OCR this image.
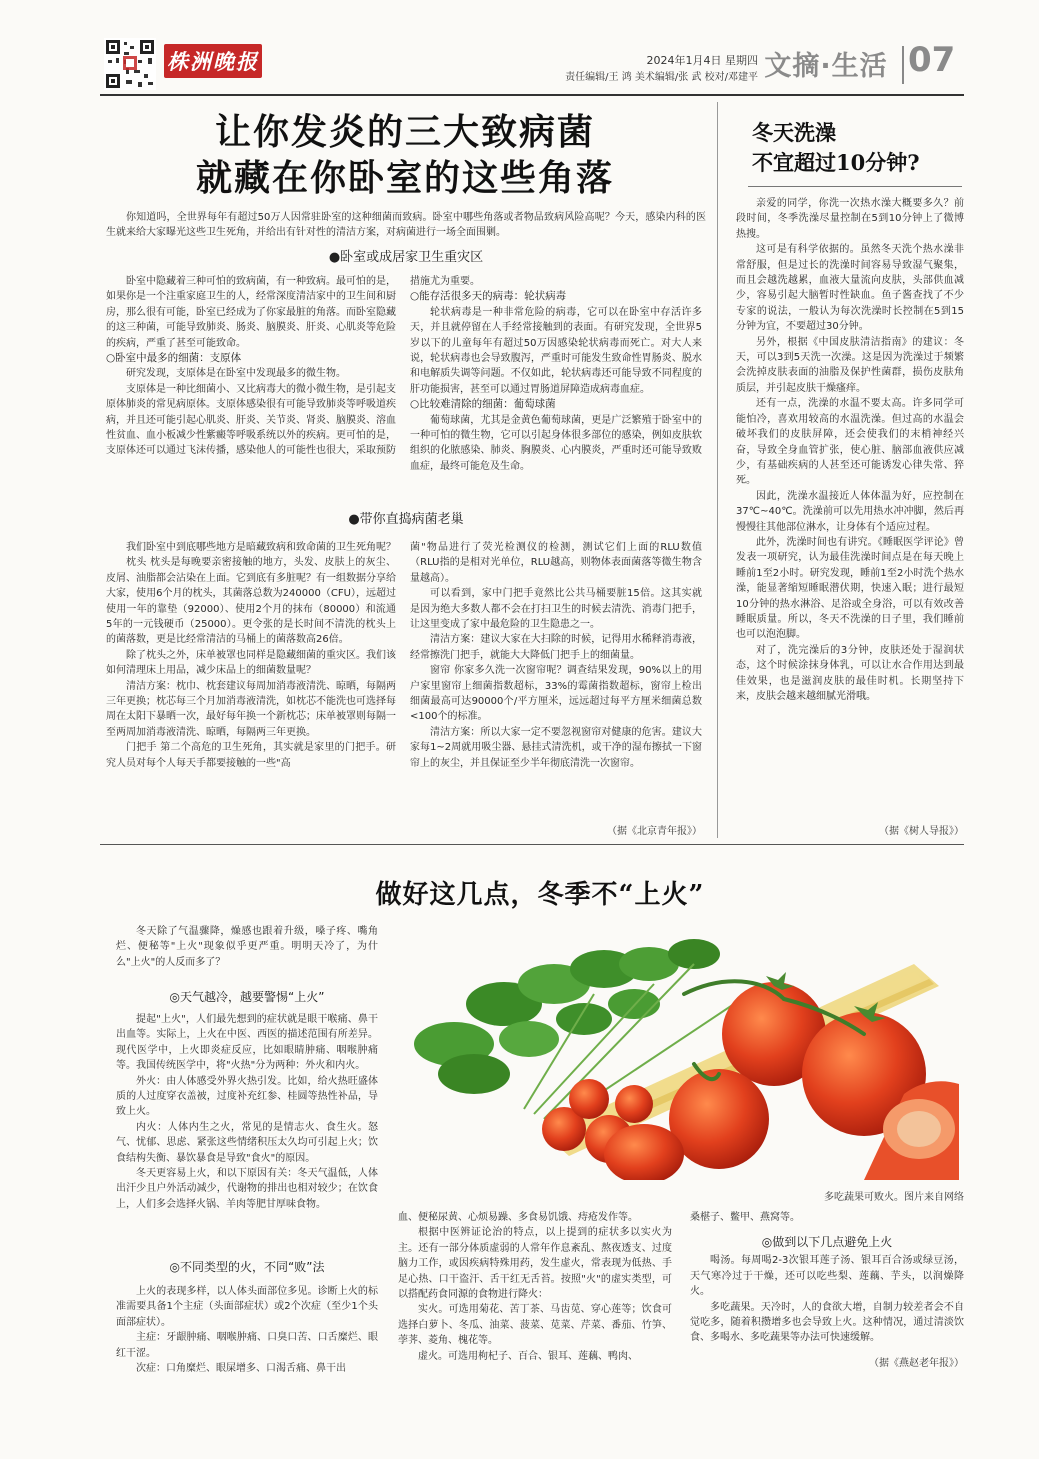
株洲晚报	2024年1月4日 星期四
责任编辑/王 鸿 美术编辑/张 武 校对/邓建平 文摘·生活 07
让你发炎的三大致病菌
就藏在你卧室的这些角落

你知道吗，全世界每年有超过50万人因常驻卧室的这种细菌而致病。卧室中哪些角落或者物品致病风险高呢？今天，感染内科的医生就来给大家曝光这些卫生死角，并给出有针对性的清洁方案，对病菌进行一场全面围剿。

●卧室或成居家卫生重灾区

卧室中隐藏着三种可怕的致病菌，有一种致病。最可怕的是，如果你是一个注重家庭卫生的人，经常深度清洁家中的卫生间和厨房，那么很有可能，卧室已经成为了你家最脏的角落。而卧室隐藏的这三种菌，可能导致肺炎、肠炎、脑膜炎、肝炎、心肌炎等危险的疾病，严重了甚至可能致命。

○卧室中最多的细菌：支原体

研究发现，支原体是在卧室中发现最多的微生物。

支原体是一种比细菌小、又比病毒大的微小微生物，是引起支原体肺炎的常见病原体。支原体感染很有可能导致肺炎等呼吸道疾病，并且还可能引起心肌炎、肝炎、关节炎、肾炎、脑膜炎、溶血性贫血、血小板减少性紫癜等呼吸系统以外的疾病。更可怕的是，支原体还可以通过飞沫传播，感染他人的可能性也很大，采取预防

措施尤为重要。

○能存活很多天的病毒：轮状病毒

轮状病毒是一种非常危险的病毒，它可以在卧室中存活许多天，并且就停留在人手经常接触到的表面。有研究发现，全世界5岁以下的儿童每年有超过50万因感染轮状病毒而死亡。对大人来说，轮状病毒也会导致腹泻，严重时可能发生致命性胃肠炎、脱水和电解质失调等问题。不仅如此，轮状病毒还可能导致不同程度的肝功能损害，甚至可以通过胃肠道屏障造成病毒血症。

○比较难清除的细菌：葡萄球菌

葡萄球菌，尤其是金黄色葡萄球菌，更是广泛繁殖于卧室中的一种可怕的微生物，它可以引起身体很多部位的感染，例如皮肤软组织的化脓感染、肺炎、胸膜炎、心内膜炎，严重时还可能导致败血症，最终可能危及生命。

●带你直捣病菌老巢

我们卧室中到底哪些地方是暗藏致病和致命菌的卫生死角呢？

枕头 枕头是每晚要亲密接触的地方，头发、皮肤上的灰尘、皮屑、油脂都会沾染在上面。它到底有多脏呢？有一组数据分享给大家，使用6个月的枕头，其菌落总数为240000（CFU），远超过使用一年的靠垫（92000）、使用2个月的抹布（80000）和流通5年的一元钱硬币（25000）。更令张的是长时间不清洗的枕头上的菌落数，更是比经常清洁的马桶上的菌落数高26倍。

除了枕头之外，床单被罩也同样是隐藏细菌的重灾区。我们该如何清理床上用品，减少床品上的细菌数量呢？

清洁方案：枕巾、枕套建议每周加消毒液清洗、晾晒，每隔两三年更换；枕芯每三个月加消毒液清洗，如枕芯不能洗也可选择每周在太阳下暴晒一次，最好每年换一个新枕芯；床单被罩则每隔一至两周加消毒液清洗、晾晒，每隔两三年更换。

门把手 第二个高危的卫生死角，其实就是家里的门把手。研究人员对每个人每天手都要接触的一些"高

菌"物品进行了荧光检测仪的检测，测试它们上面的RLU数值（RLU指的是相对光单位，RLU越高，则物体表面菌落等微生物含量越高）。

可以看到，家中门把手竟然比公共马桶要脏15倍。这其实就是因为绝大多数人都不会在打扫卫生的时候去清洗、消毒门把手，让这里变成了家中最危险的卫生隐患之一。

清洁方案：建议大家在大扫除的时候，记得用水稀释消毒液，经常擦洗门把手，就能大大降低门把手上的细菌量。

窗帘 你家多久洗一次窗帘呢？调查结果发现，90%以上的用户家里窗帘上细菌指数超标，33%的霉菌指数超标，窗帘上检出细菌最高可达90000个/平方厘米，远远超过每平方厘米细菌总数<100个的标准。

清洁方案：所以大家一定不要忽视窗帘对健康的危害。建议大家每1~2周就用吸尘器、悬挂式清洗机，或干净的湿布擦拭一下窗帘上的灰尘，并且保证至少半年彻底清洗一次窗帘。

（据《北京青年报》）

冬天洗澡
不宜超过10分钟?

亲爱的同学，你洗一次热水澡大概要多久？前段时间，冬季洗澡尽量控制在5到10分钟上了微博热搜。

这可是有科学依据的。虽然冬天洗个热水澡非常舒服，但是过长的洗澡时间容易导致湿气聚集，而且会越洗越累，血液大量流向皮肤，头部供血减少，容易引起大脑暂时性缺血。鱼子酱查找了不少专家的说法，一般认为每次洗澡时长控制在5到15分钟为宜，不要超过30分钟。

另外，根据《中国皮肤清洁指南》的建议：冬天，可以3到5天洗一次澡。这是因为洗澡过于频繁会洗掉皮肤表面的油脂及保护性菌群，损伤皮肤角质层，并引起皮肤干燥瘙痒。

还有一点，洗澡的水温不要太高。许多同学可能怕冷，喜欢用较高的水温洗澡。但过高的水温会破坏我们的皮肤屏障，还会使我们的末梢神经兴奋，导致全身血管扩张，使心脏、脑部血液供应减少，有基础疾病的人甚至还可能诱发心律失常、猝死。

因此，洗澡水温接近人体体温为好，应控制在37℃~40℃。洗澡前可以先用热水冲冲脚，然后再慢慢往其他部位淋水，让身体有个适应过程。

此外，洗澡时间也有讲究。《睡眠医学评论》曾发表一项研究，认为最佳洗澡时间点是在每天晚上睡前1至2小时。研究发现，睡前1至2小时洗个热水澡，能显著缩短睡眠潜伏期，快速入眠；进行最短10分钟的热水淋浴、足浴或全身浴，可以有效改善睡眠质量。所以，冬天不洗澡的日子里，我们睡前也可以泡泡脚。

对了，洗完澡后的3分钟，皮肤还处于湿润状态，这个时候涂抹身体乳，可以让水合作用达到最佳效果，也是滋润皮肤的最佳时机。长期坚持下来，皮肤会越来越细腻光滑哦。

（据《树人导报》）

做好这几点，冬季不“上火”
多吃蔬果可败火。图片来自网络

冬天除了气温骤降，燥感也跟着升级，嗓子疼、嘴角烂、便秘等"上火"现象似乎更严重。明明天冷了，为什么"上火"的人反而多了？

◎天气越冷，越要警惕“上火”

提起"上火"，人们最先想到的症状就是眼干喉痛、鼻干出血等。实际上，上火在中医、西医的描述范围有所差异。现代医学中，上火即炎症反应，比如眼睛肿痛、咽喉肿痛等。我国传统医学中，将"火热"分为两种：外火和内火。

外火：由人体感受外界火热引发。比如，给火热旺盛体质的人过度穿衣盖被，过度补充红参、桂圆等热性补品，导致上火。

内火：人体内生之火，常见的是情志火、食生火。怒气、忧郁、思虑、紧张这些情绪积压太久均可引起上火；饮食结构失衡、暴饮暴食是导致"食火"的原因。

冬天更容易上火，和以下原因有关：冬天气温低，人体出汗少且户外活动减少，代谢物的排出也相对较少；在饮食上，人们多会选择火锅、羊肉等肥甘厚味食物。

◎不同类型的火，不同“败”法

上火的表现多样，以人体头面部位多见。诊断上火的标准需要具备1个主症（头面部症状）或2个次症（至少1个头面部症状）。

主症：牙龈肿痛、咽喉肿痛、口臭口苦、口舌糜烂、眼红干涩。

次症：口角糜烂、眼屎增多、口渴舌痛、鼻干出

血、便秘尿黄、心烦易躁、多食易饥饿、痔疮发作等。

根据中医辨证论治的特点，以上提到的症状多以实火为主。还有一部分体质虚弱的人常年作息紊乱、熬夜透支、过度脑力工作，或因疾病特殊用药，发生虚火，常表现为低热、手足心热、口干盗汗、舌干红无舌苔。按照"火"的虚实类型，可以搭配药食同源的食物进行降火：

实火。可选用菊花、苦丁茶、马齿苋、穿心莲等；饮食可选择白萝卜、冬瓜、油菜、菠菜、苋菜、芹菜、番茄、竹笋、荸荠、菱角、槐花等。

虚火。可选用枸杞子、百合、银耳、莲藕、鸭肉、

桑椹子、鳖甲、燕窝等。

◎做到以下几点避免上火

喝汤。每周喝2-3次银耳莲子汤、银耳百合汤或绿豆汤，天气寒冷过于干燥，还可以吃些梨、莲藕、芋头，以润燥降火。

多吃蔬果。天冷时，人的食欲大增，自制力较差者会不自觉吃多，随着积攒增多也会导致上火。这种情况，通过清淡饮食、多喝水、多吃蔬果等办法可快速缓解。

（据《燕赵老年报》）
